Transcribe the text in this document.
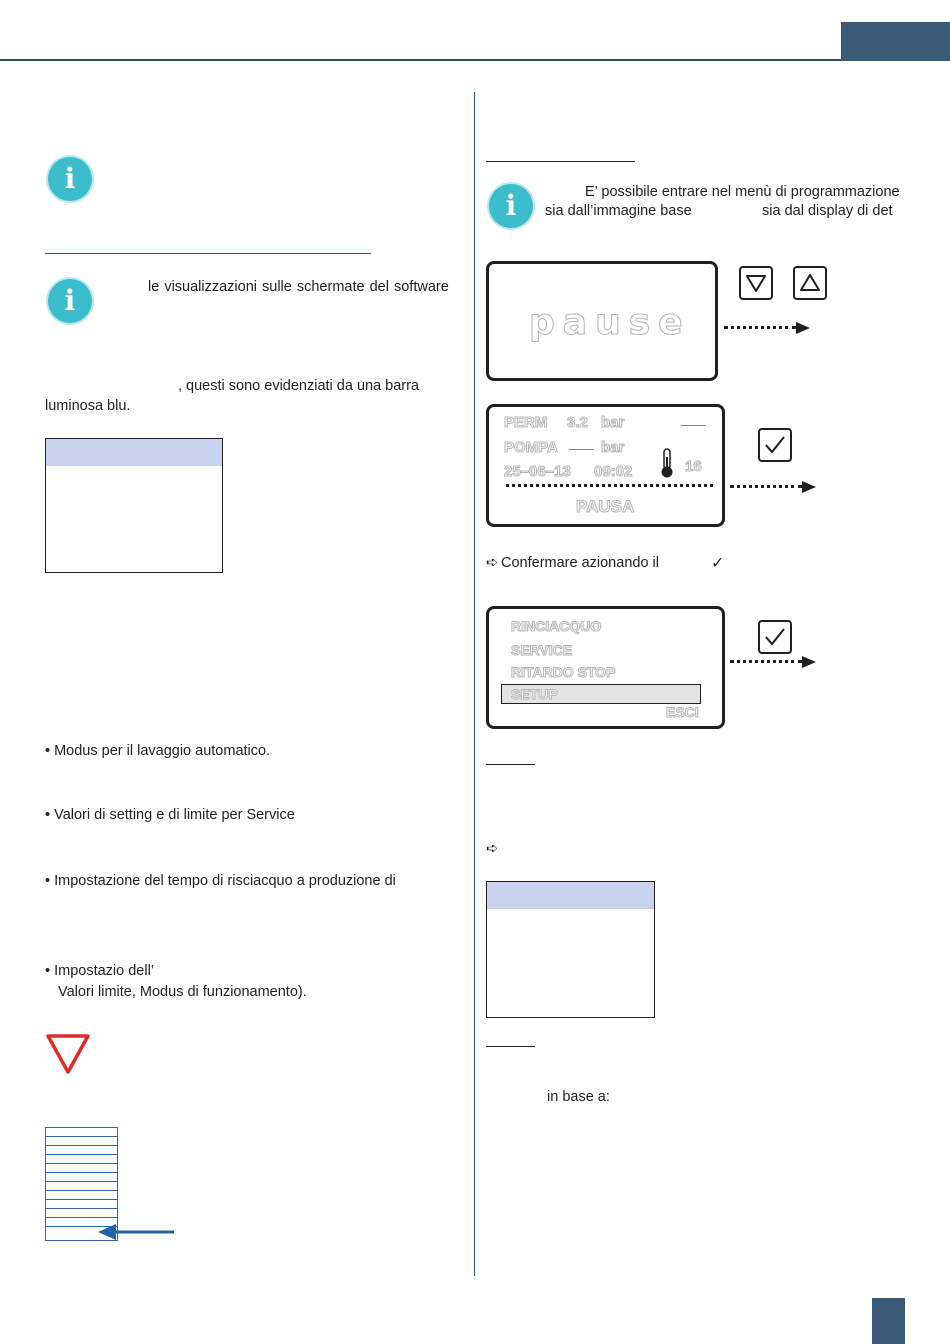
i
i	le visualizzazioni sulle schermate del software
, questi sono evidenziati da una barra
luminosa blu.
• Modus per il lavaggio automatico.
• Valori di setting e di limite per Service
• Impostazione del tempo di risciacquo a produzione di
• Impostazio dell’
Valori limite, Modus di funzionamento).
i	E’ possibile entrare nel menù di programmazione
sia dall’immagine base	sia dal display di det
pause
PERM 3.2 bar	___
POMPA ___ bar
25–06–13 09:02	16
PAUSA
➪ Confermare azionando il	✓
RINCIACQUO
SERVICE
RITARDO STOP
SETUP
ESCI
➪
in base a:
